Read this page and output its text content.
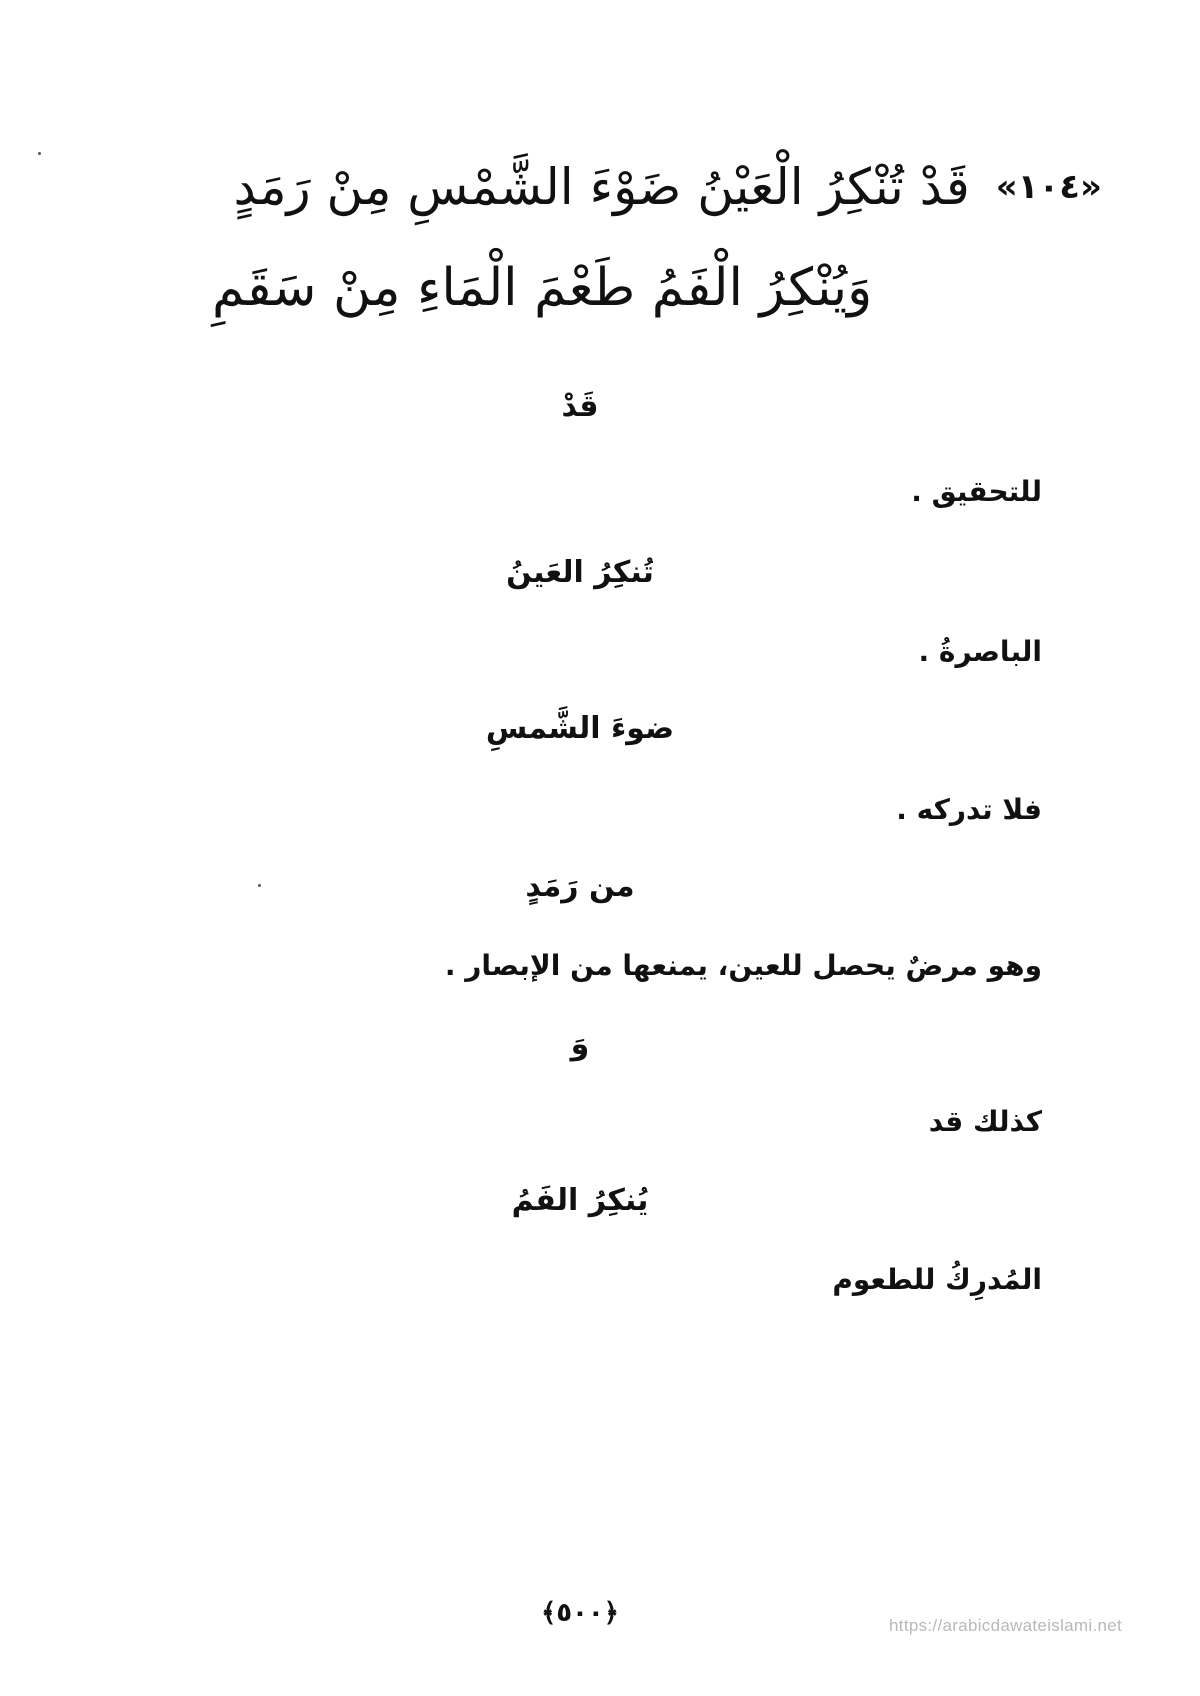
«١٠٤»قَدْ تُنْكِرُ الْعَيْنُ ضَوْءَ الشَّمْسِ مِنْ رَمَدٍ
وَيُنْكِرُ الْفَمُ طَعْمَ الْمَاءِ مِنْ سَقَمِ
قَدْ
للتحقيق .
تُنكِرُ العَينُ
الباصرةُ .
ضوءَ الشَّمسِ
فلا تدركه .
من رَمَدٍ
وهو مرضٌ يحصل للعين، يمنعها من الإبصار .
وَ
كذلك قد
يُنكِرُ الفَمُ
المُدرِكُ للطعوم
﴿٥٠٠﴾	https://arabicdawateislami.net
